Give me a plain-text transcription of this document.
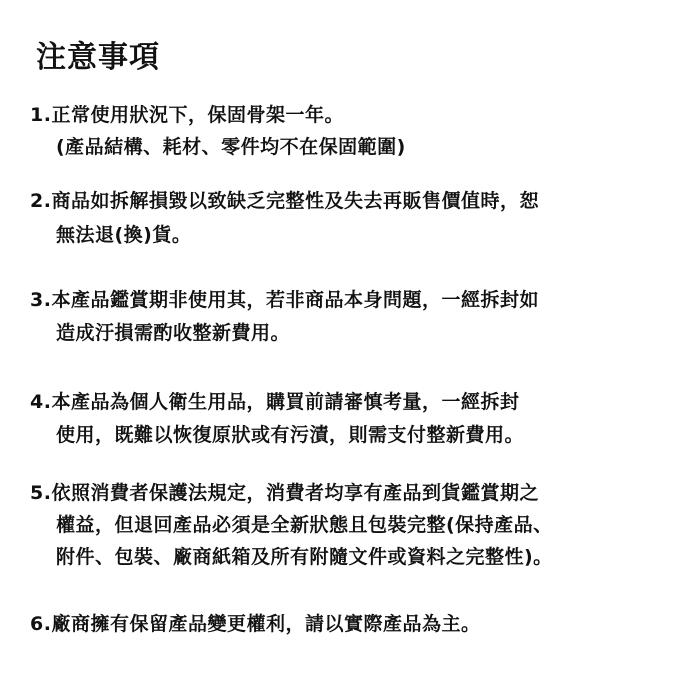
注意事項
1.正常使用狀況下，保固骨架一年。
(產品結構、耗材、零件均不在保固範圍)
2.商品如拆解損毀以致缺乏完整性及失去再販售價值時，恕
無法退(換)貨。
3.本產品鑑賞期非使用其，若非商品本身問題，一經拆封如
造成汙損需酌收整新費用。
4.本產品為個人衛生用品，購買前請審慎考量，一經拆封
使用，既難以恢復原狀或有污漬，則需支付整新費用。
5.依照消費者保護法規定，消費者均享有產品到貨鑑賞期之
權益，但退回產品必須是全新狀態且包裝完整(保持產品、
附件、包裝、廠商紙箱及所有附隨文件或資料之完整性)。
6.廠商擁有保留產品變更權利，請以實際產品為主。
